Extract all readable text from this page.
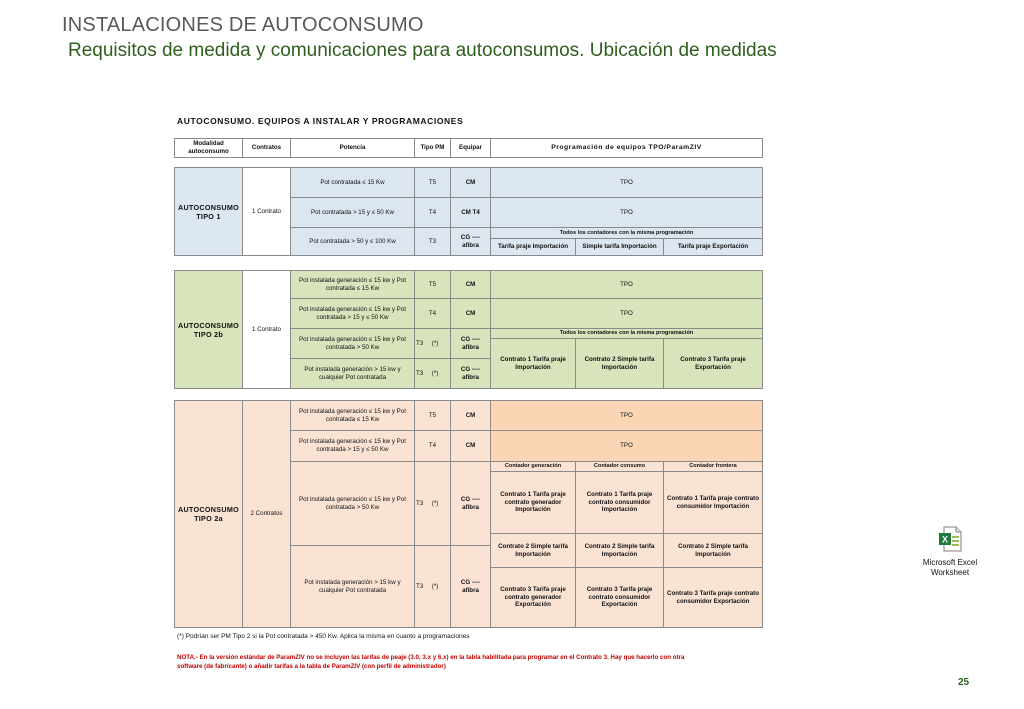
INSTALACIONES DE AUTOCONSUMO
Requisitos de medida y comunicaciones para autoconsumos. Ubicación de medidas
AUTOCONSUMO. EQUIPOS A INSTALAR Y PROGRAMACIONES
Modalidad autoconsumo	Contratos	Potencia	Tipo PM	Equipar	Programación de equipos TPO/ParamZIV
AUTOCONSUMO TIPO 1	1 Contrato	Pot contratada ≤ 15 Kw	T5	CM	TPO		
		Pot contratada > 15 y ≤ 50 Kw	T4	CM T4	TPO		
		Pot contratada > 50 y ≤ 100 Kw	T3	CG ---- afibra	Todos los contadores con la misma programación		
					Tarifa praje Importación	Simple tarifa Importación	Tarifa praje Exportación
AUTOCONSUMO TIPO 2b	1 Contrato	Pot instalada generación ≤ 15 kw y Pot contratada ≤ 15 Kw	T5	CM	TPO		
		Pot instalada generación ≤ 15 kw y Pot contratada > 15 y ≤ 50 Kw	T4	CM	TPO		
		Pot instalada generación ≤ 15 kw y Pot contratada > 50 Kw	T3 (*)	CG ---- afibra	Todos los contadores con la misma programación		
					Contrato 1 Tarifa praje Importación	Contrato 2 Simple tarifa Importación	Contrato 3 Tarifa praje Exportación
		Pot instalada generación > 15 kw y cualquier Pot contratada	T3 (*)	CG ---- afibra			
AUTOCONSUMO TIPO 2a	2 Contratos	Pot instalada generación ≤ 15 kw y Pot contratada ≤ 15 Kw	T5	CM	TPO		
		Pot instalada generación ≤ 15 kw y Pot contratada > 15 y ≤ 50 Kw	T4	CM	TPO		
		Pot instalada generación ≤ 15 kw y Pot contratada > 50 Kw	T3 (*)	CG ---- afibra	Contador generación	Contador consumo	Contador frontera
					Contrato 1 Tarifa praje contrato generador Importación	Contrato 1 Tarifa praje contrato consumidor Importación	Contrato 1 Tarifa praje contrato consumidor Importación
					Contrato 2 Simple tarifa Importación	Contrato 2 Simple tarifa Importación	Contrato 2 Simple tarifa Importación
		Pot instalada generación > 15 kw y cualquier Pot contratada	T3 (*)	CG ---- afibra			
					Contrato 3 Tarifa praje contrato generador Exportación	Contrato 3 Tarifa praje contrato consumidor Exportación	Contrato 3 Tarifa praje contrato consumidor Exportación
(*) Podrían ser PM Tipo 2 si la Pot contratada > 450 Kw. Aplica la misma en cuanto a programaciones
NOTA.- En la versión estándar de ParamZIV no se incluyen las tarifas de peaje (3.0, 3.x y 6.x) en la tabla habilitada para programar en el Contrato 3. Hay que hacerlo con otra
software (de fabricante) o añadir tarifas a la tabla de ParamZIV (con perfil de administrador)
X
Microsoft Excel
Worksheet
25
